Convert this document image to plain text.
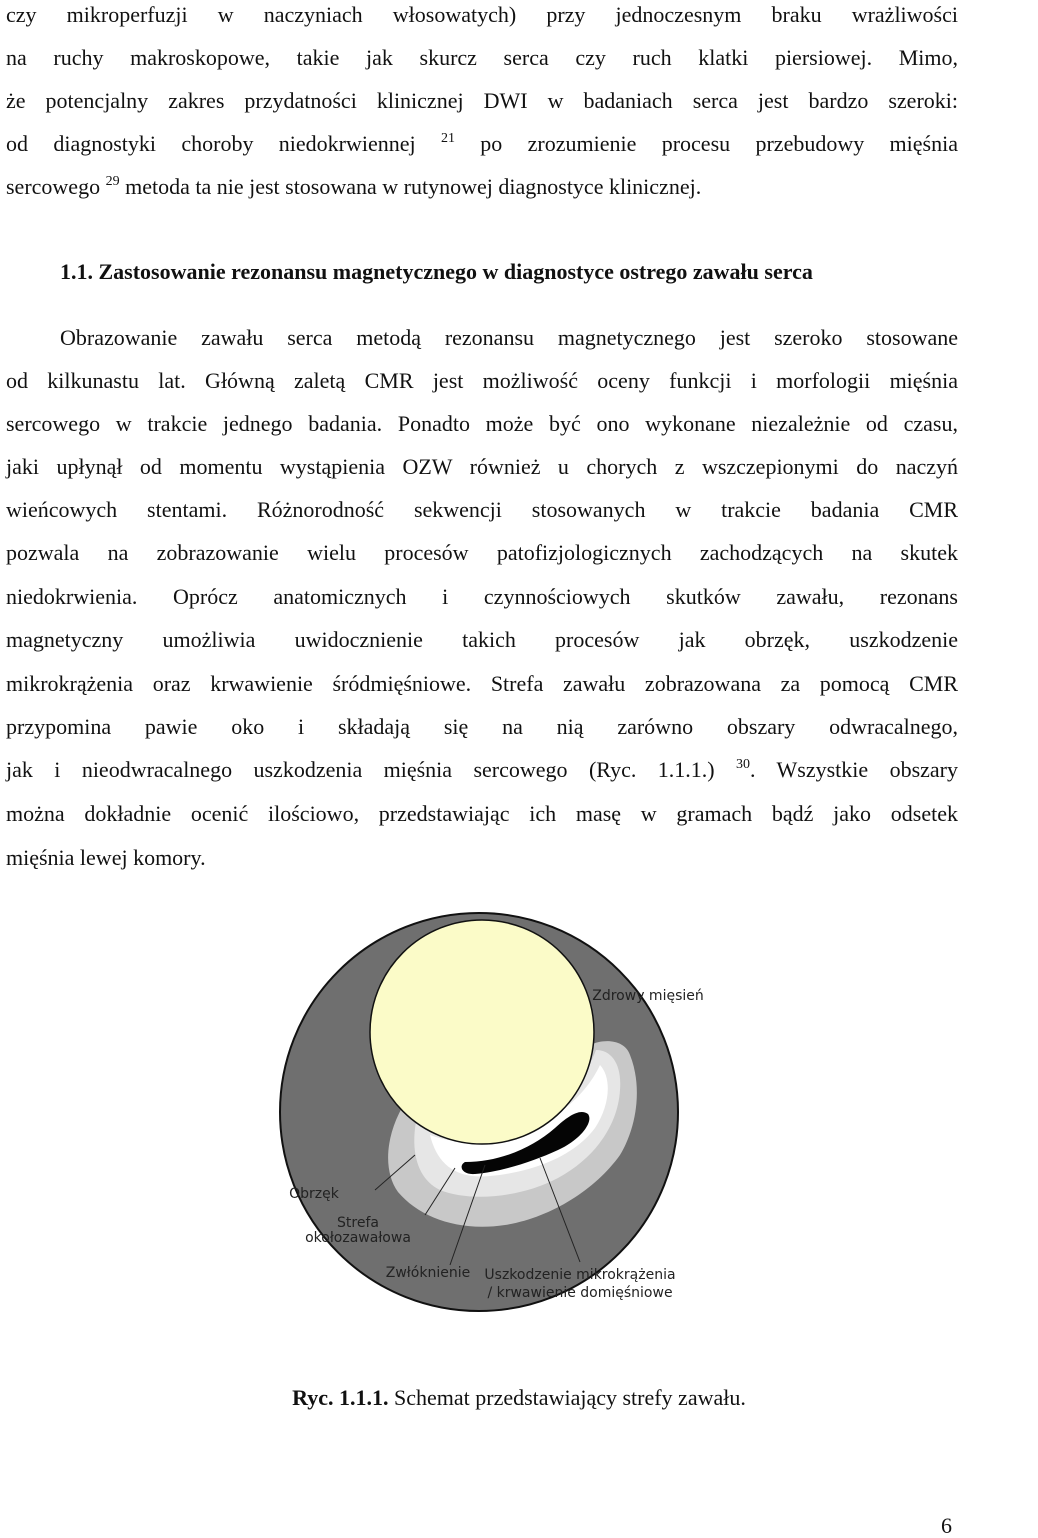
czy mikroperfuzji w naczyniach włosowatych) przy jednoczesnym braku wrażliwości
na ruchy makroskopowe, takie jak skurcz serca czy ruch klatki piersiowej. Mimo,
że potencjalny zakres przydatności klinicznej DWI w badaniach serca jest bardzo szeroki:
od diagnostyki choroby niedokrwiennej $^{21}$ po zrozumienie procesu przebudowy mięśnia
sercowego $^{29}$ metoda ta nie jest stosowana w rutynowej diagnostyce klinicznej.
1.1. Zastosowanie rezonansu magnetycznego w diagnostyce ostrego zawału serca
Obrazowanie zawału serca metodą rezonansu magnetycznego jest szeroko stosowane
od kilkunastu lat. Główną zaletą CMR jest możliwość oceny funkcji i morfologii mięśnia
sercowego w trakcie jednego badania. Ponadto może być ono wykonane niezależnie od czasu,
jaki upłynął od momentu wystąpienia OZW również u chorych z wszczepionymi do naczyń
wieńcowych stentami. Różnorodność sekwencji stosowanych w trakcie badania CMR
pozwala na zobrazowanie wielu procesów patofizjologicznych zachodzących na skutek
niedokrwienia. Oprócz anatomicznych i czynnościowych skutków zawału, rezonans
magnetyczny umożliwia uwidocznienie takich procesów jak obrzęk, uszkodzenie
mikrokrążenia oraz krwawienie śródmięśniowe. Strefa zawału zobrazowana za pomocą CMR
przypomina pawie oko i składają się na nią zarówno obszary odwracalnego,
jak i nieodwracalnego uszkodzenia mięśnia sercowego (Ryc. 1.1.1.) $^{30}$. Wszystkie obszary
można dokładnie ocenić ilościowo, przedstawiając ich masę w gramach bądź jako odsetek
mięśnia lewej komory.
Zdrowy mięsień
Obrzęk
Strefa
okołozawałowa
Zwłóknienie Uszkodzenie mikrokrążenia
/ krwawienie domięśniowe
Ryc. 1.1.1. Schemat przedstawiający strefy zawału.
6
